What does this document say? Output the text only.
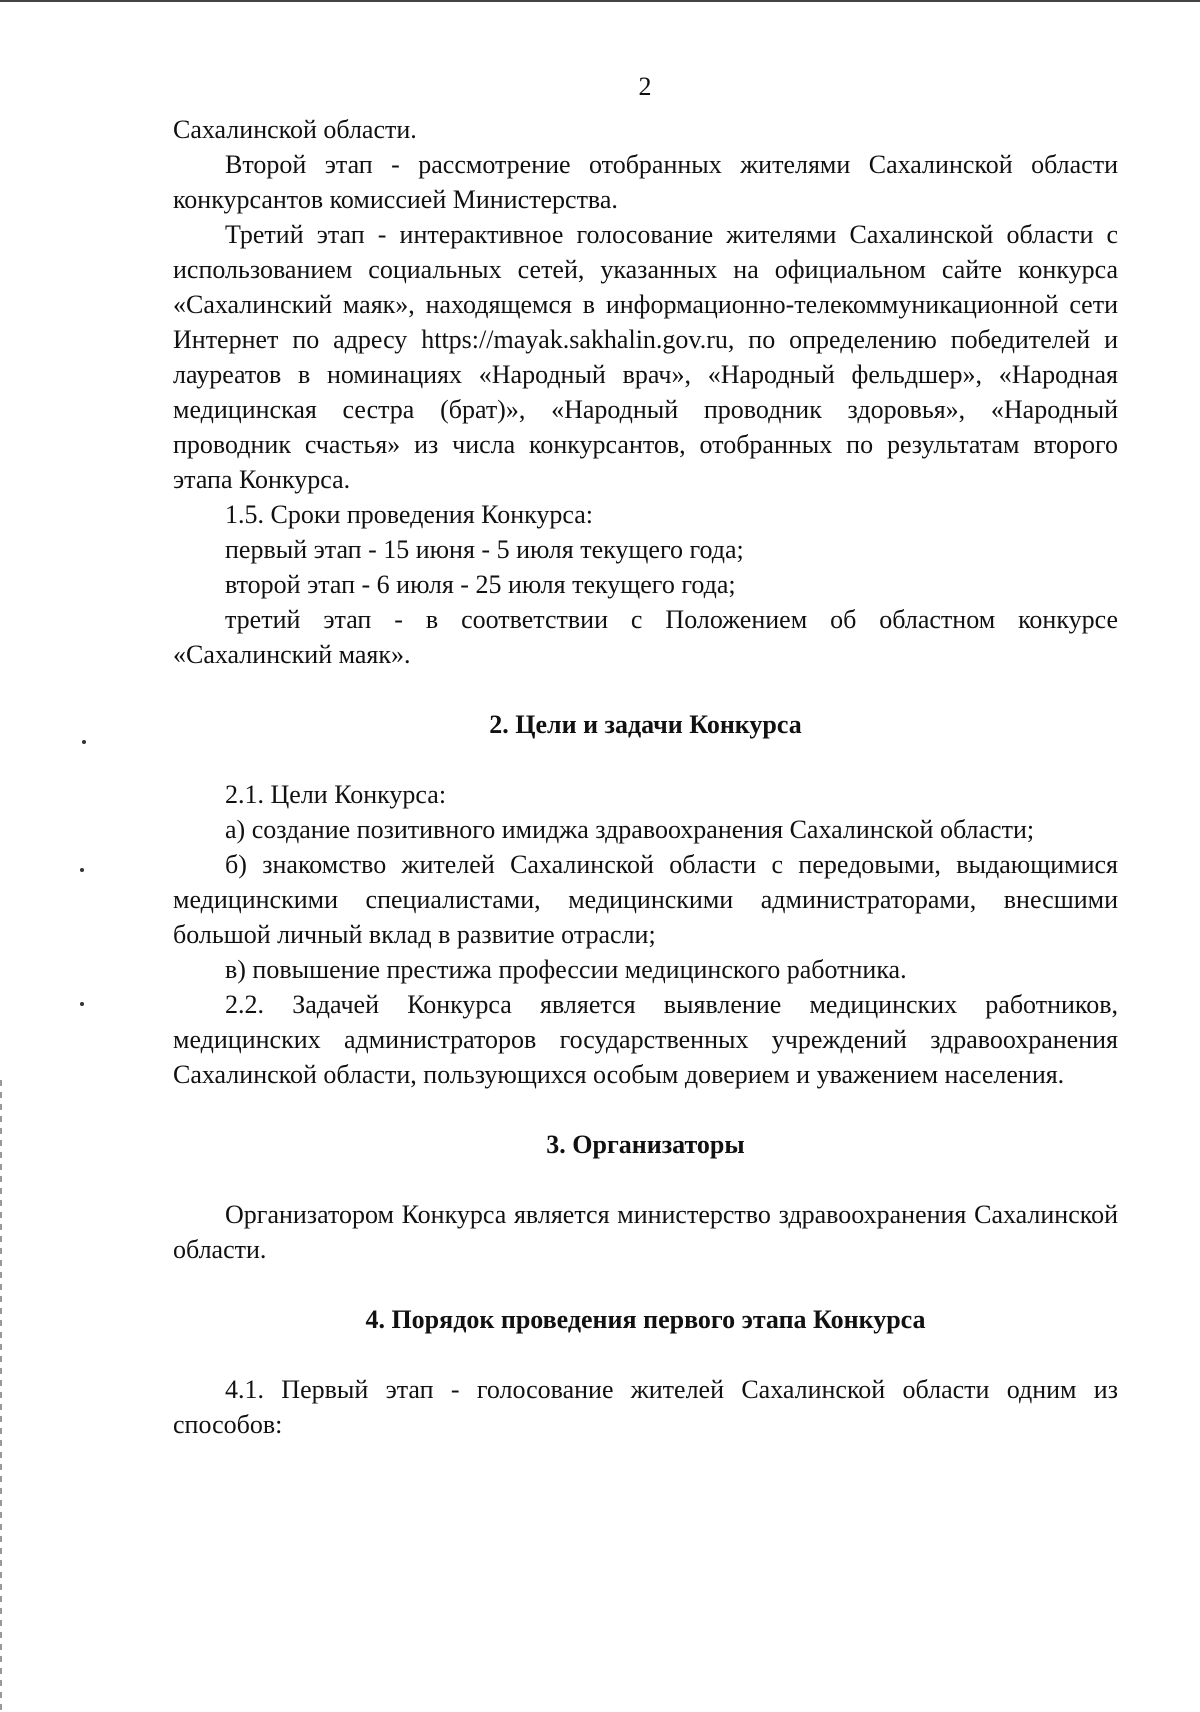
2

Сахалинской области.

Второй этап - рассмотрение отобранных жителями Сахалинской области конкурсантов комиссией Министерства.

Третий этап - интерактивное голосование жителями Сахалинской области с использованием социальных сетей, указанных на официальном сайте конкурса «Сахалинский маяк», находящемся в информационно-телекоммуникационной сети Интернет по адресу https://mayak.sakhalin.gov.ru, по определению победителей и лауреатов в номинациях «Народный врач», «Народный фельдшер», «Народная медицинская сестра (брат)», «Народный проводник здоровья», «Народный проводник счастья» из числа конкурсантов, отобранных по результатам второго этапа Конкурса.

1.5. Сроки проведения Конкурса:

первый этап - 15 июня - 5 июля текущего года;

второй этап - 6 июля - 25 июля текущего года;

третий этап - в соответствии с Положением об областном конкурсе «Сахалинский маяк».

2. Цели и задачи Конкурса

2.1. Цели Конкурса:

а) создание позитивного имиджа здравоохранения Сахалинской области;

б) знакомство жителей Сахалинской области с передовыми, выдающимися медицинскими специалистами, медицинскими администраторами, внесшими большой личный вклад в развитие отрасли;

в) повышение престижа профессии медицинского работника.

2.2. Задачей Конкурса является выявление медицинских работников, медицинских администраторов государственных учреждений здравоохранения Сахалинской области, пользующихся особым доверием и уважением населения.

3. Организаторы

Организатором Конкурса является министерство здравоохранения Сахалинской области.

4. Порядок проведения первого этапа Конкурса

4.1. Первый этап - голосование жителей Сахалинской области одним из способов:
